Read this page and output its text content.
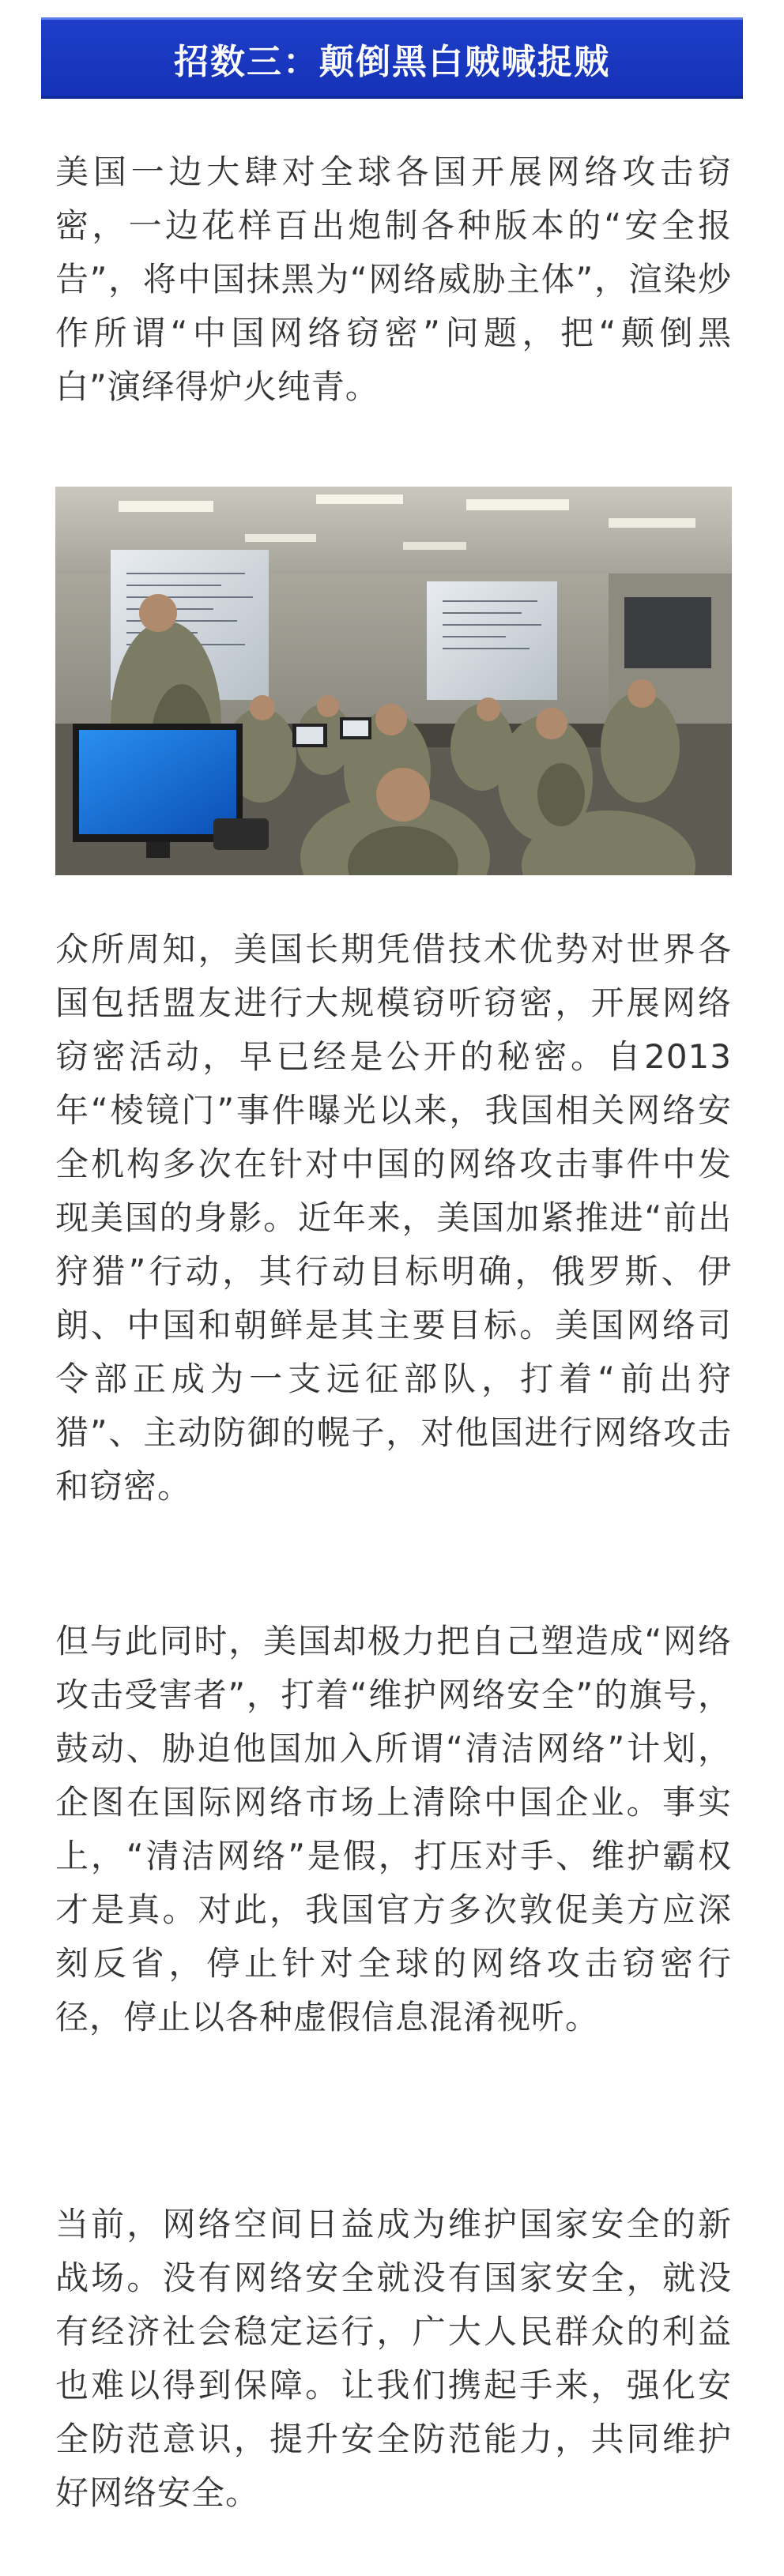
招数三：颠倒黑白贼喊捉贼

美国一边大肆对全球各国开展网络攻击窃密，一边花样百出炮制各种版本的“安全报告”，将中国抹黑为“网络威胁主体”，渲染炒作所谓“中国网络窃密”问题，把“颠倒黑白”演绎得炉火纯青。

众所周知，美国长期凭借技术优势对世界各国包括盟友进行大规模窃听窃密，开展网络窃密活动，早已经是公开的秘密。自2013年“棱镜门”事件曝光以来，我国相关网络安全机构多次在针对中国的网络攻击事件中发现美国的身影。近年来，美国加紧推进“前出狩猎”行动，其行动目标明确，俄罗斯、伊朗、中国和朝鲜是其主要目标。美国网络司令部正成为一支远征部队，打着“前出狩猎”、主动防御的幌子，对他国进行网络攻击和窃密。

但与此同时，美国却极力把自己塑造成“网络攻击受害者”，打着“维护网络安全”的旗号，鼓动、胁迫他国加入所谓“清洁网络”计划，企图在国际网络市场上清除中国企业。事实上，“清洁网络”是假，打压对手、维护霸权才是真。对此，我国官方多次敦促美方应深刻反省，停止针对全球的网络攻击窃密行径，停止以各种虚假信息混淆视听。

当前，网络空间日益成为维护国家安全的新战场。没有网络安全就没有国家安全，就没有经济社会稳定运行，广大人民群众的利益也难以得到保障。让我们携起手来，强化安全防范意识，提升安全防范能力，共同维护好网络安全。
